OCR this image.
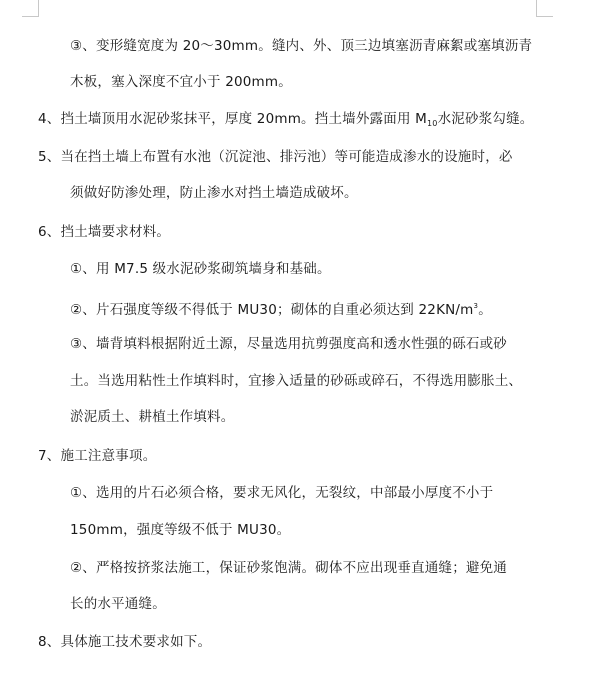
③、变形缝宽度为 20～30mm。缝内、外、顶三边填塞沥青麻絮或塞填沥青
木板，塞入深度不宜小于 200mm。
4、挡土墙顶用水泥砂浆抹平，厚度 20mm。挡土墙外露面用 $M_{10}$水泥砂浆勾缝。
5、当在挡土墙上布置有水池（沉淀池、排污池）等可能造成渗水的设施时，必
须做好防渗处理，防止渗水对挡土墙造成破坏。
6、挡土墙要求材料。
①、用 M7.5 级水泥砂浆砌筑墙身和基础。
②、片石强度等级不得低于 MU30；砌体的自重必须达到 $22KN/m^3$。
③、墙背填料根据附近土源，尽量选用抗剪强度高和透水性强的砾石或砂
土。当选用粘性土作填料时，宜掺入适量的砂砾或碎石，不得选用膨胀土、
淤泥质土、耕植土作填料。
7、施工注意事项。
①、选用的片石必须合格，要求无风化，无裂纹，中部最小厚度不小于
150mm，强度等级不低于 MU30。
②、严格按挤浆法施工，保证砂浆饱满。砌体不应出现垂直通缝；避免通
长的水平通缝。
8、具体施工技术要求如下。
